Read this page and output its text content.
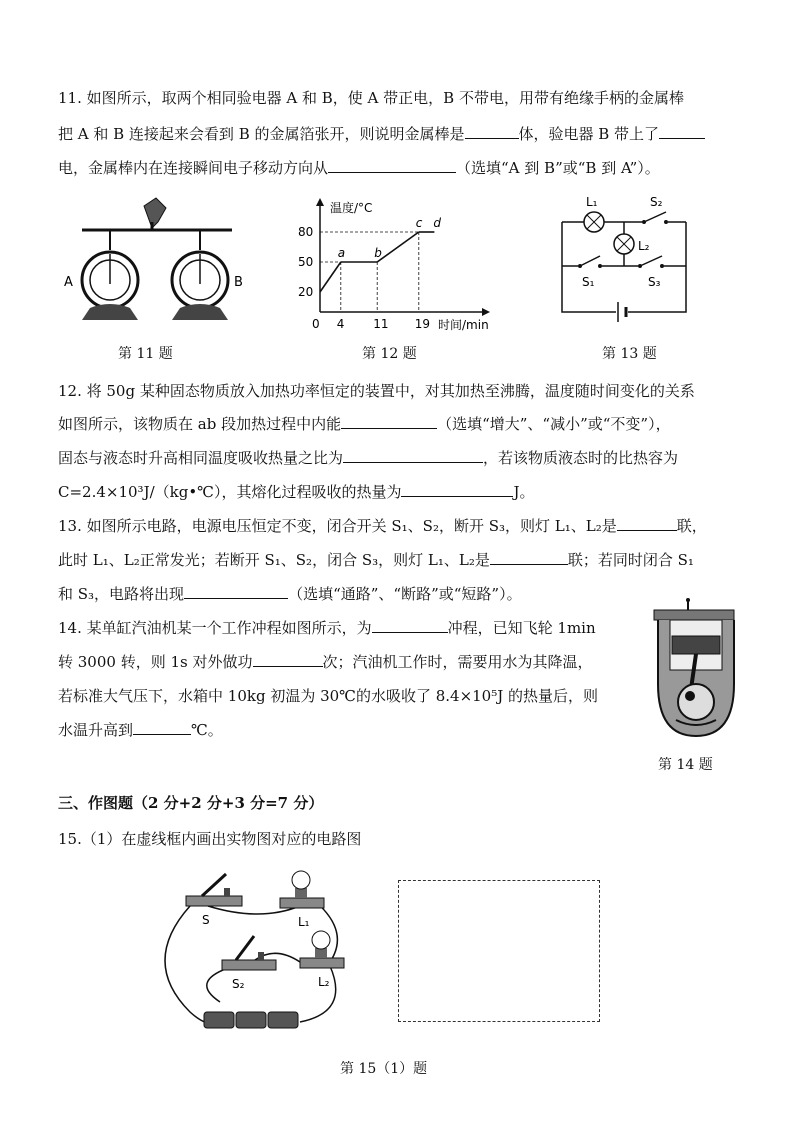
11. 如图所示，取两个相同验电器 A 和 B，使 A 带正电，B 不带电，用带有绝缘手柄的金属棒
把 A 和 B 连接起来会看到 B 的金属箔张开，则说明金属棒是	体，验电器 B 带上了
电，金属棒内在连接瞬间电子移动方向从	（选填“A 到 B”或“B 到 A”）。
A	B
第 11 题
温度/°C
时间/min
0 4 11 19
20
50
80
a b
c d
第 12 题
L₁
L₂
S₂
S₁	S₃
第 13 题
12. 将 50g 某种固态物质放入加热功率恒定的装置中，对其加热至沸腾，温度随时间变化的关系
如图所示，该物质在 ab 段加热过程中内能	（选填“增大”、“减小”或“不变”），
固态与液态时升高相同温度吸收热量之比为	，若该物质液态时的比热容为
C=2.4×10³J/（kg•℃），其熔化过程吸收的热量为	J。
13. 如图所示电路，电源电压恒定不变，闭合开关 S₁、S₂，断开 S₃，则灯 L₁、L₂是	联，
此时 L₁、L₂正常发光；若断开 S₁、S₂，闭合 S₃，则灯 L₁、L₂是	联；若同时闭合 S₁
和 S₃，电路将出现	（选填“通路”、“断路”或“短路”）。
14. 某单缸汽油机某一个工作冲程如图所示，为	冲程，已知飞轮 1min
转 3000 转，则 1s 对外做功	次；汽油机工作时，需要用水为其降温，
若标准大气压下，水箱中 10kg 初温为 30℃的水吸收了 8.4×10⁵J 的热量后，则
水温升高到	℃。
第 14 题
三、作图题（2 分+2 分+3 分=7 分）
15.（1）在虚线框内画出实物图对应的电路图
S	L₁
S₂	L₂
第 15（1）题
